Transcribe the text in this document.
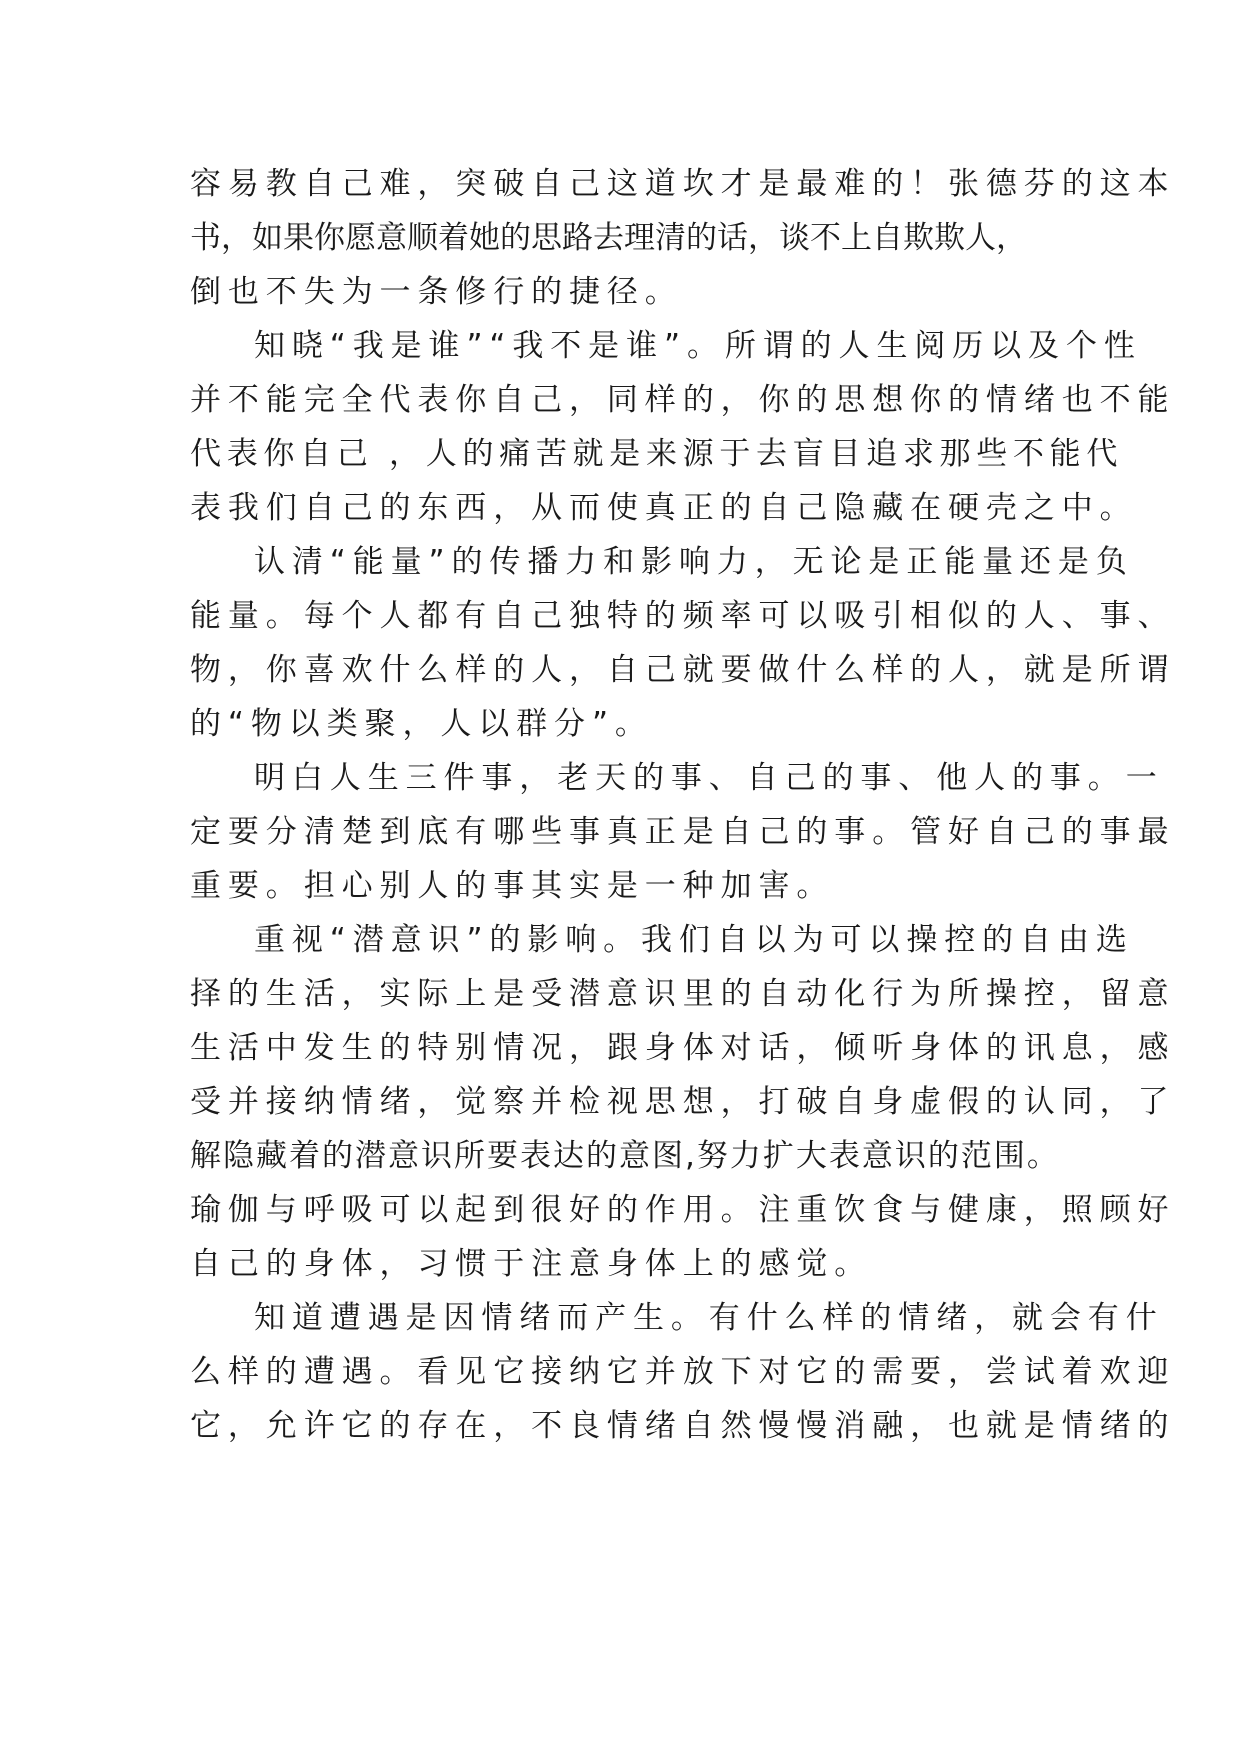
容易教自己难，突破自己这道坎才是最难的！张德芬的这本
书，如果你愿意顺着她的思路去理清的话，谈不上自欺欺人，
倒也不失为一条修行的捷径。
知晓“我是谁”“我不是谁”。所谓的人生阅历以及个性
并不能完全代表你自己，同样的，你的思想你的情绪也不能
代表你自己 ，人的痛苦就是来源于去盲目追求那些不能代
表我们自己的东西，从而使真正的自己隐藏在硬壳之中。
认清“能量”的传播力和影响力，无论是正能量还是负
能量。每个人都有自己独特的频率可以吸引相似的人、事、
物，你喜欢什么样的人，自己就要做什么样的人，就是所谓
的“物以类聚，人以群分”。
明白人生三件事，老天的事、自己的事、他人的事。一
定要分清楚到底有哪些事真正是自己的事。管好自己的事最
重要。担心别人的事其实是一种加害。
重视“潜意识”的影响。我们自以为可以操控的自由选
择的生活，实际上是受潜意识里的自动化行为所操控，留意
生活中发生的特别情况，跟身体对话，倾听身体的讯息，感
受并接纳情绪，觉察并检视思想，打破自身虚假的认同，了
解隐藏着的潜意识所要表达的意图,努力扩大表意识的范围。
瑜伽与呼吸可以起到很好的作用。注重饮食与健康，照顾好
自己的身体，习惯于注意身体上的感觉。
知道遭遇是因情绪而产生。有什么样的情绪，就会有什
么样的遭遇。看见它接纳它并放下对它的需要，尝试着欢迎
它，允许它的存在，不良情绪自然慢慢消融，也就是情绪的
